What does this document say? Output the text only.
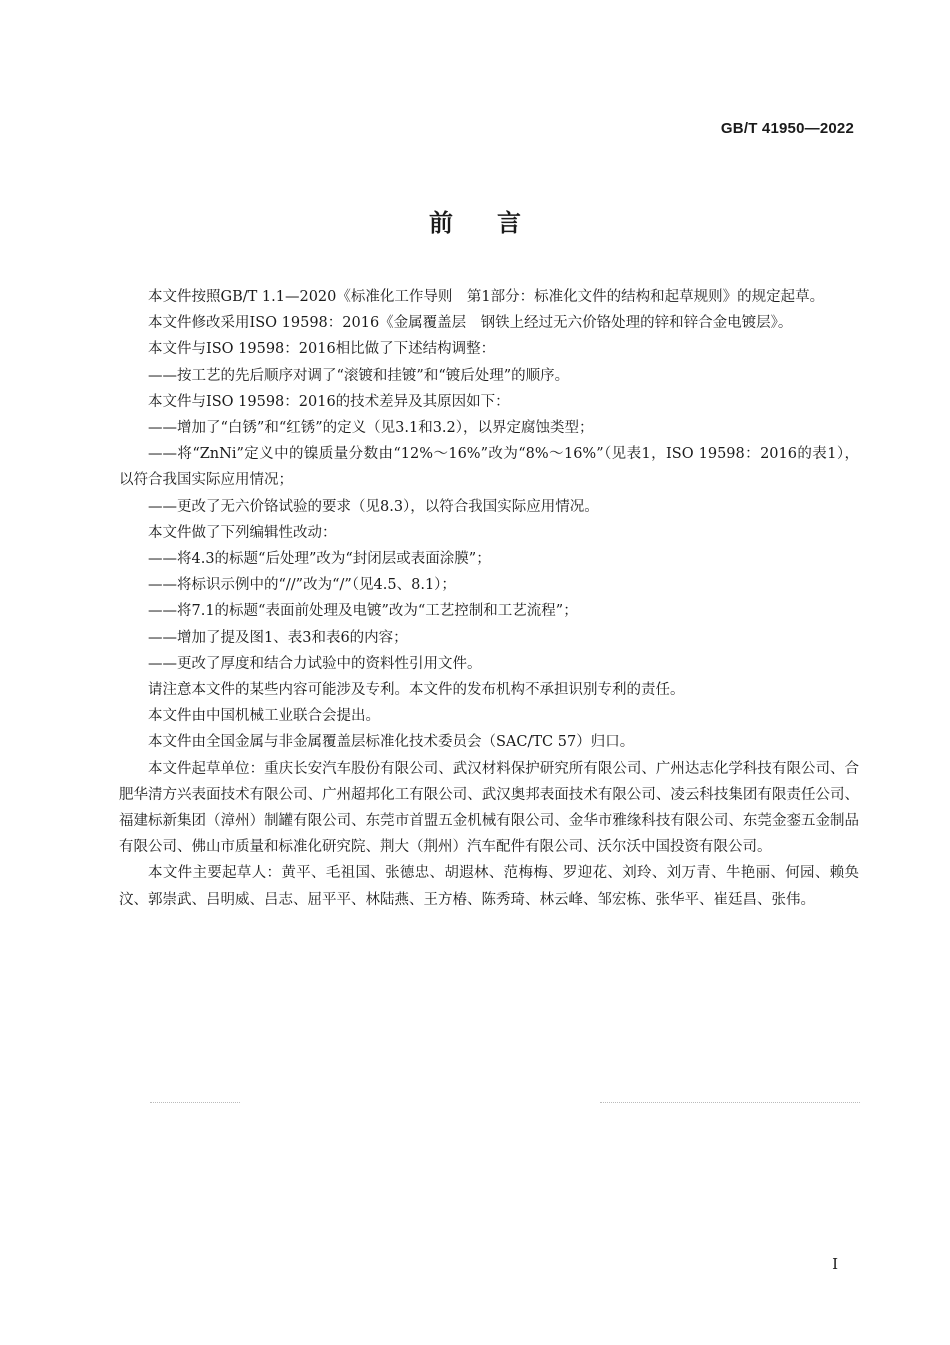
GB/T 41950—2022
前言

本文件按照GB/T 1.1—2020《标准化工作导则　第1部分：标准化文件的结构和起草规则》的规定起草。

本文件修改采用ISO 19598：2016《金属覆盖层　钢铁上经过无六价铬处理的锌和锌合金电镀层》。

本文件与ISO 19598：2016相比做了下述结构调整：

——按工艺的先后顺序对调了“滚镀和挂镀”和“镀后处理”的顺序。

本文件与ISO 19598：2016的技术差异及其原因如下：

——增加了“白锈”和“红锈”的定义（见3.1和3.2），以界定腐蚀类型；

——将“ZnNi”定义中的镍质量分数由“12%～16%”改为“8%～16%”（见表1，ISO 19598：2016的表1），以符合我国实际应用情况；

——更改了无六价铬试验的要求（见8.3），以符合我国实际应用情况。

本文件做了下列编辑性改动：

——将4.3的标题“后处理”改为“封闭层或表面涂膜”；

——将标识示例中的“//”改为“/”（见4.5、8.1）；

——将7.1的标题“表面前处理及电镀”改为“工艺控制和工艺流程”；

——增加了提及图1、表3和表6的内容；

——更改了厚度和结合力试验中的资料性引用文件。

请注意本文件的某些内容可能涉及专利。本文件的发布机构不承担识别专利的责任。

本文件由中国机械工业联合会提出。

本文件由全国金属与非金属覆盖层标准化技术委员会（SAC/TC 57）归口。

本文件起草单位：重庆长安汽车股份有限公司、武汉材料保护研究所有限公司、广州达志化学科技有限公司、合肥华清方兴表面技术有限公司、广州超邦化工有限公司、武汉奥邦表面技术有限公司、凌云科技集团有限责任公司、福建标新集团（漳州）制罐有限公司、东莞市首盟五金机械有限公司、金华市雅缘科技有限公司、东莞金銮五金制品有限公司、佛山市质量和标准化研究院、荆大（荆州）汽车配件有限公司、沃尔沃中国投资有限公司。

本文件主要起草人：黄平、毛祖国、张德忠、胡遐林、范梅梅、罗迎花、刘玲、刘万青、牛艳丽、何园、赖奂汶、郭崇武、吕明威、吕志、屈平平、林陆燕、王方椿、陈秀琦、林云峰、邹宏栋、张华平、崔廷昌、张伟。

I
